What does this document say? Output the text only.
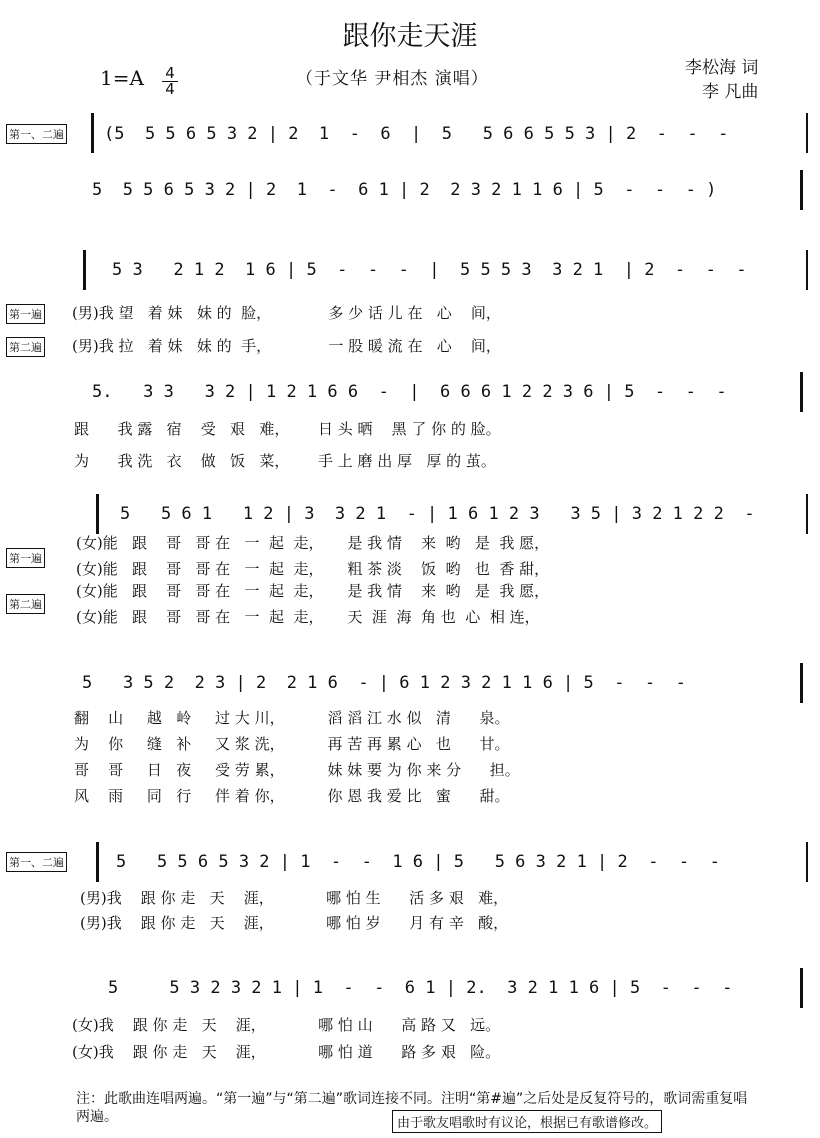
跟你走天涯
1=A 4
4	（于文华 尹相杰 演唱）
李松海 词
李 凡曲
第一、二遍 (5  5 5 6 5 3 2 | 2  1  -  6  |  5   5 6 6 5 5 3 | 2  -  -  -
5  5 5 6 5 3 2 | 2  1  -  6 1 | 2  2 3 2 1 1 6 | 5  -  -  - )
5 3   2 1 2  1 6 | 5  -  -  -  |  5 5 5 3  3 2 1  | 2  -  -  -
第一遍 (男)我 望   着 妹   妹 的  脸，            多 少 话 儿 在   心    间，
第二遍 (男)我 拉   着 妹   妹 的  手，            一 股 暖 流 在   心    间，
5.   3 3   3 2 | 1 2 1 6 6  -  |  6 6 6 1 2 2 3 6 | 5  -  -  -
跟      我 露   宿    受   艰   难，      日 头 晒    黑 了 你 的 脸。
为      我 洗   衣    做   饭   菜，      手 上 磨 出 厚   厚 的 茧。
5   5 6 1   1 2 | 3  3 2 1  - | 1 6 1 2 3   3 5 | 3 2 1 2 2  -
第一遍
(女)能   跟    哥   哥 在   一  起  走，     是 我 情    来  哟   是  我 愿，
(女)能   跟    哥   哥 在   一  起  走，     粗 茶 淡    饭  哟   也  香 甜，
第二遍
(女)能   跟    哥   哥 在   一  起  走，     是 我 情    来  哟   是  我 愿，
(女)能   跟    哥   哥 在   一  起  走，     天  涯  海  角 也  心  相 连，
5   3 5 2  2 3 | 2  2 1 6  - | 6 1 2 3 2 1 1 6 | 5  -  -  -
翻    山     越   岭     过 大 川，         滔 滔 江 水 似   清      泉。
为    你     缝   补     又 浆 洗，         再 苦 再 累 心   也      甘。
哥    哥     日   夜     受 劳 累，         妹 妹 要 为 你 来 分      担。
风    雨     同   行     伴 着 你，         你 恩 我 爱 比   蜜      甜。
第一、二遍	5   5 5 6 5 3 2 | 1  -  -  1 6 | 5   5 6 3 2 1 | 2  -  -  -
(男)我    跟 你 走   天    涯，           哪 怕 生      活 多 艰   难，
(男)我    跟 你 走   天    涯，           哪 怕 岁      月 有 辛   酸，
5     5 3 2 3 2 1 | 1  -  -  6 1 | 2.  3 2 1 1 6 | 5  -  -  -
(女)我    跟 你 走   天    涯，           哪 怕 山      高 路 又   远。
(女)我    跟 你 走   天    涯，           哪 怕 道      路 多 艰   险。
注：此歌曲连唱两遍。“第一遍”与“第二遍”歌词连接不同。注明“第#遍”之后处是反复符号的，歌词需重复唱两遍。	由于歌友唱歌时有议论，根据已有歌谱修改。
